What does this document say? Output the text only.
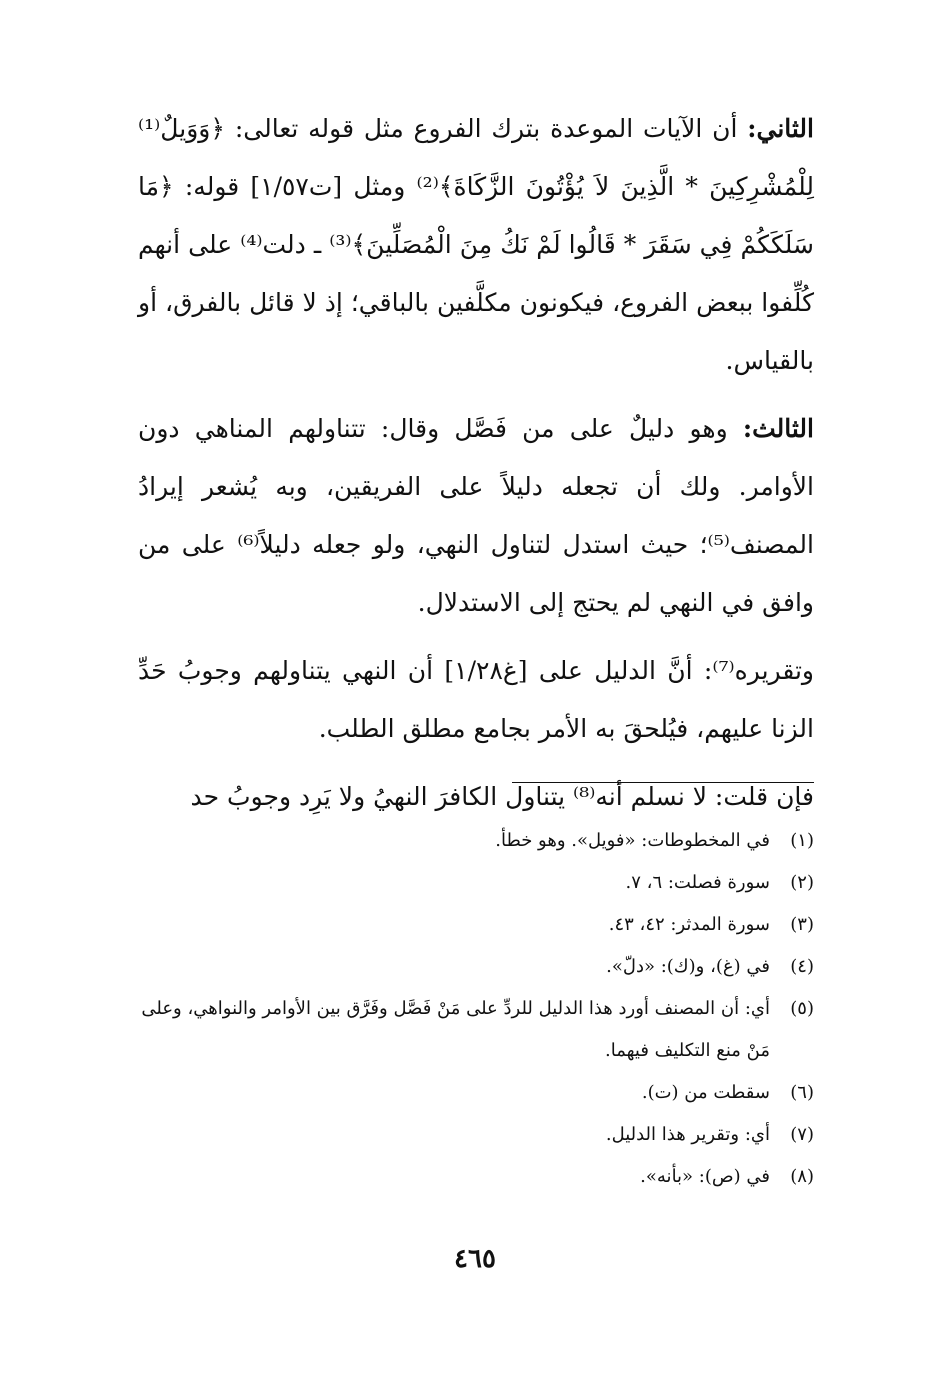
الثاني: أن الآيات الموعدة بترك الفروع مثل قوله تعالى: ﴿وَوَيلٌ⁽¹⁾ لِلْمُشْرِكِينَ * الَّذِينَ لاَ يُؤْتُونَ الزَّكَاةَ﴾⁽²⁾ ومثل [ت١/٥٧] قوله: ﴿مَا سَلَكَكُمْ فِي سَقَرَ * قَالُوا لَمْ نَكُ مِنَ الْمُصَلِّينَ﴾⁽³⁾ ـ دلت⁽⁴⁾ على أنهم كُلِّفوا ببعض الفروع، فيكونون مكلَّفين بالباقي؛ إذ لا قائل بالفرق، أو بالقياس.

الثالث: وهو دليلٌ على من فَصَّل وقال: تتناولهم المناهي دون الأوامر. ولك أن تجعله دليلاً على الفريقين، وبه يُشعر إيرادُ المصنف⁽⁵⁾؛ حيث استدل لتناول النهي، ولو جعله دليلاً⁽⁶⁾ على من وافق في النهي لم يحتج إلى الاستدلال.

وتقريره⁽⁷⁾: أنَّ الدليل على [غ١/٢٨] أن النهي يتناولهم وجوبُ حَدِّ الزنا عليهم، فيُلحقَ به الأمر بجامع مطلق الطلب.

فإن قلت: لا نسلم أنه⁽⁸⁾ يتناول الكافرَ النهيُ ولا يَرِد وجوبُ حد

(١)
في المخطوطات: «فويل». وهو خطأ.
(٢)
سورة فصلت: ٦، ٧.
(٣)
سورة المدثر: ٤٢، ٤٣.
(٤)
في (غ)، و(ك): «دلّ».
(٥)
أي: أن المصنف أورد هذا الدليل للردِّ على مَنْ فَصَّل وفَرَّق بين الأوامر والنواهي، وعلى مَنْ منع التكليف فيهما.
(٦)
سقطت من (ت).
(٧)
أي: وتقرير هذا الدليل.
(٨)
في (ص): «بأنه».
٤٦٥
